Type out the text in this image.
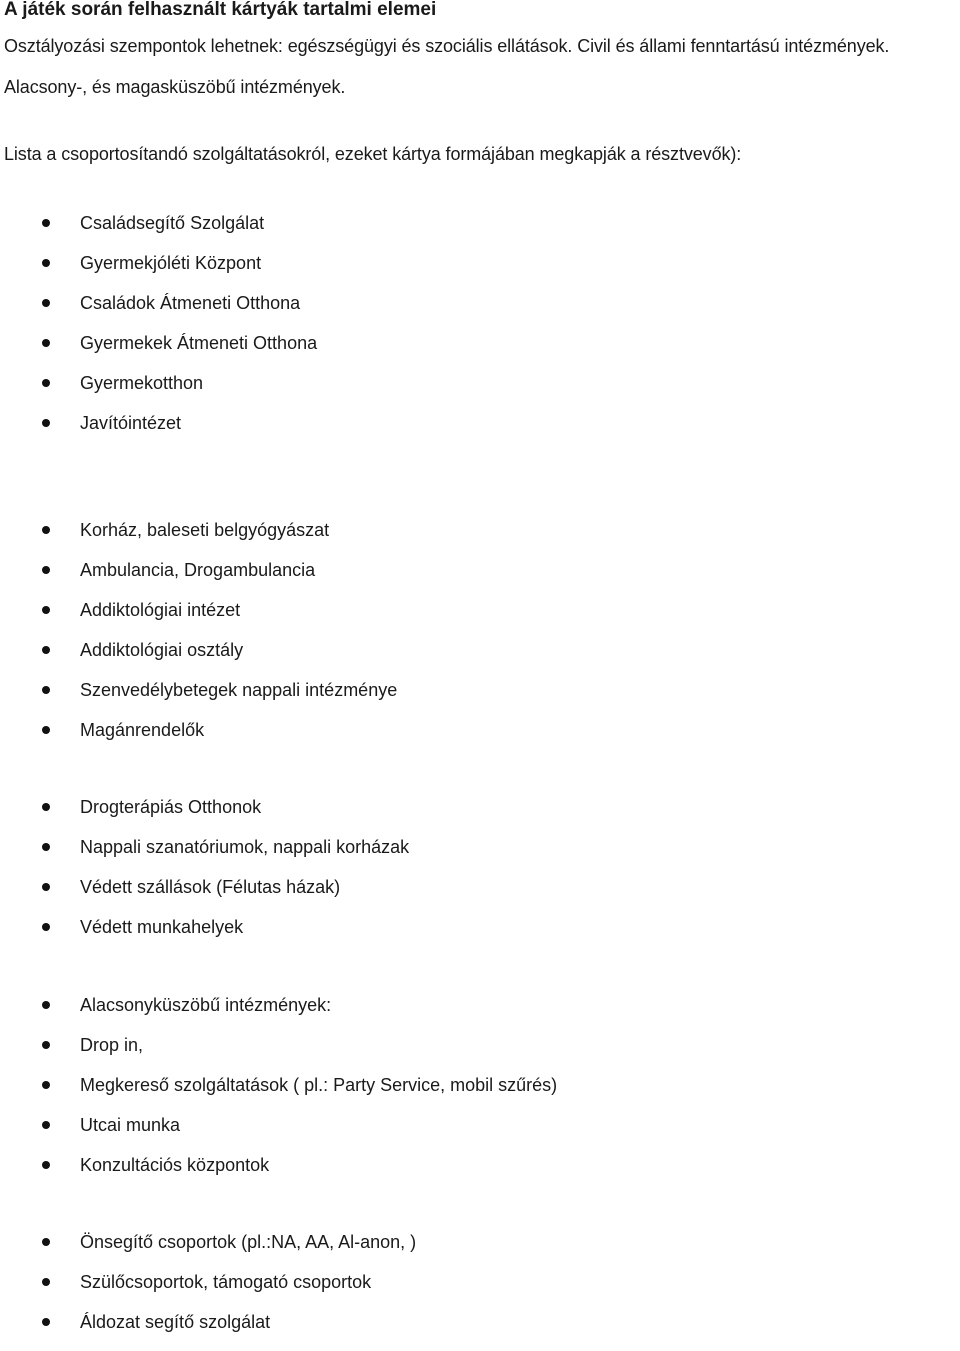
A játék során felhasznált kártyák tartalmi elemei
Osztályozási szempontok lehetnek: egészségügyi és szociális ellátások. Civil és állami fenntartású intézmények.
Alacsony-, és magasküszöbű intézmények.
Lista a csoportosítandó szolgáltatásokról, ezeket kártya formájában megkapják a résztvevők):
Családsegítő Szolgálat
Gyermekjóléti Központ
Családok Átmeneti Otthona
Gyermekek Átmeneti Otthona
Gyermekotthon
Javítóintézet
Korház, baleseti belgyógyászat
Ambulancia, Drogambulancia
Addiktológiai intézet
Addiktológiai osztály
Szenvedélybetegek nappali intézménye
Magánrendelők
Drogterápiás Otthonok
Nappali szanatóriumok, nappali korházak
Védett szállások (Félutas házak)
Védett munkahelyek
Alacsonyküszöbű intézmények:
Drop in,
Megkereső szolgáltatások ( pl.: Party Service, mobil szűrés)
Utcai munka
Konzultációs központok
Önsegítő csoportok (pl.:NA, AA, Al-anon, )
Szülőcsoportok, támogató csoportok
Áldozat segítő szolgálat
